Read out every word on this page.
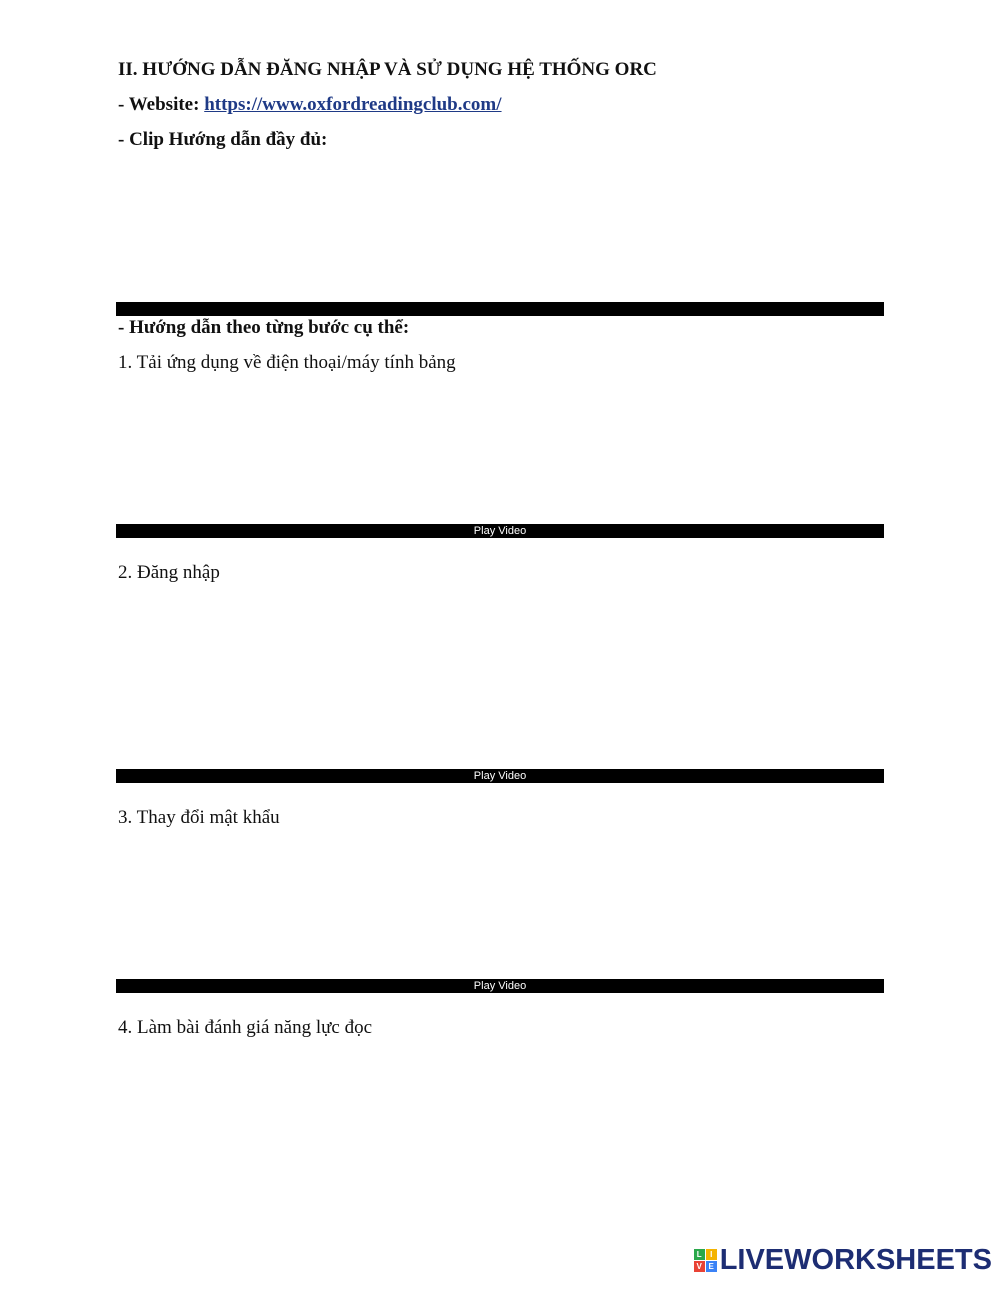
II. HƯỚNG DẪN ĐĂNG NHẬP VÀ SỬ DỤNG HỆ THỐNG ORC
- Website: https://www.oxfordreadingclub.com/
- Clip Hướng dẫn đầy đủ:
- Hướng dẫn theo từng bước cụ thể:
1. Tải ứng dụng về điện thoại/máy tính bảng
Play Video
2. Đăng nhập
Play Video
3. Thay đổi mật khẩu
Play Video
4. Làm bài đánh giá năng lực đọc
L	I
V E LIVEWORKSHEETS
